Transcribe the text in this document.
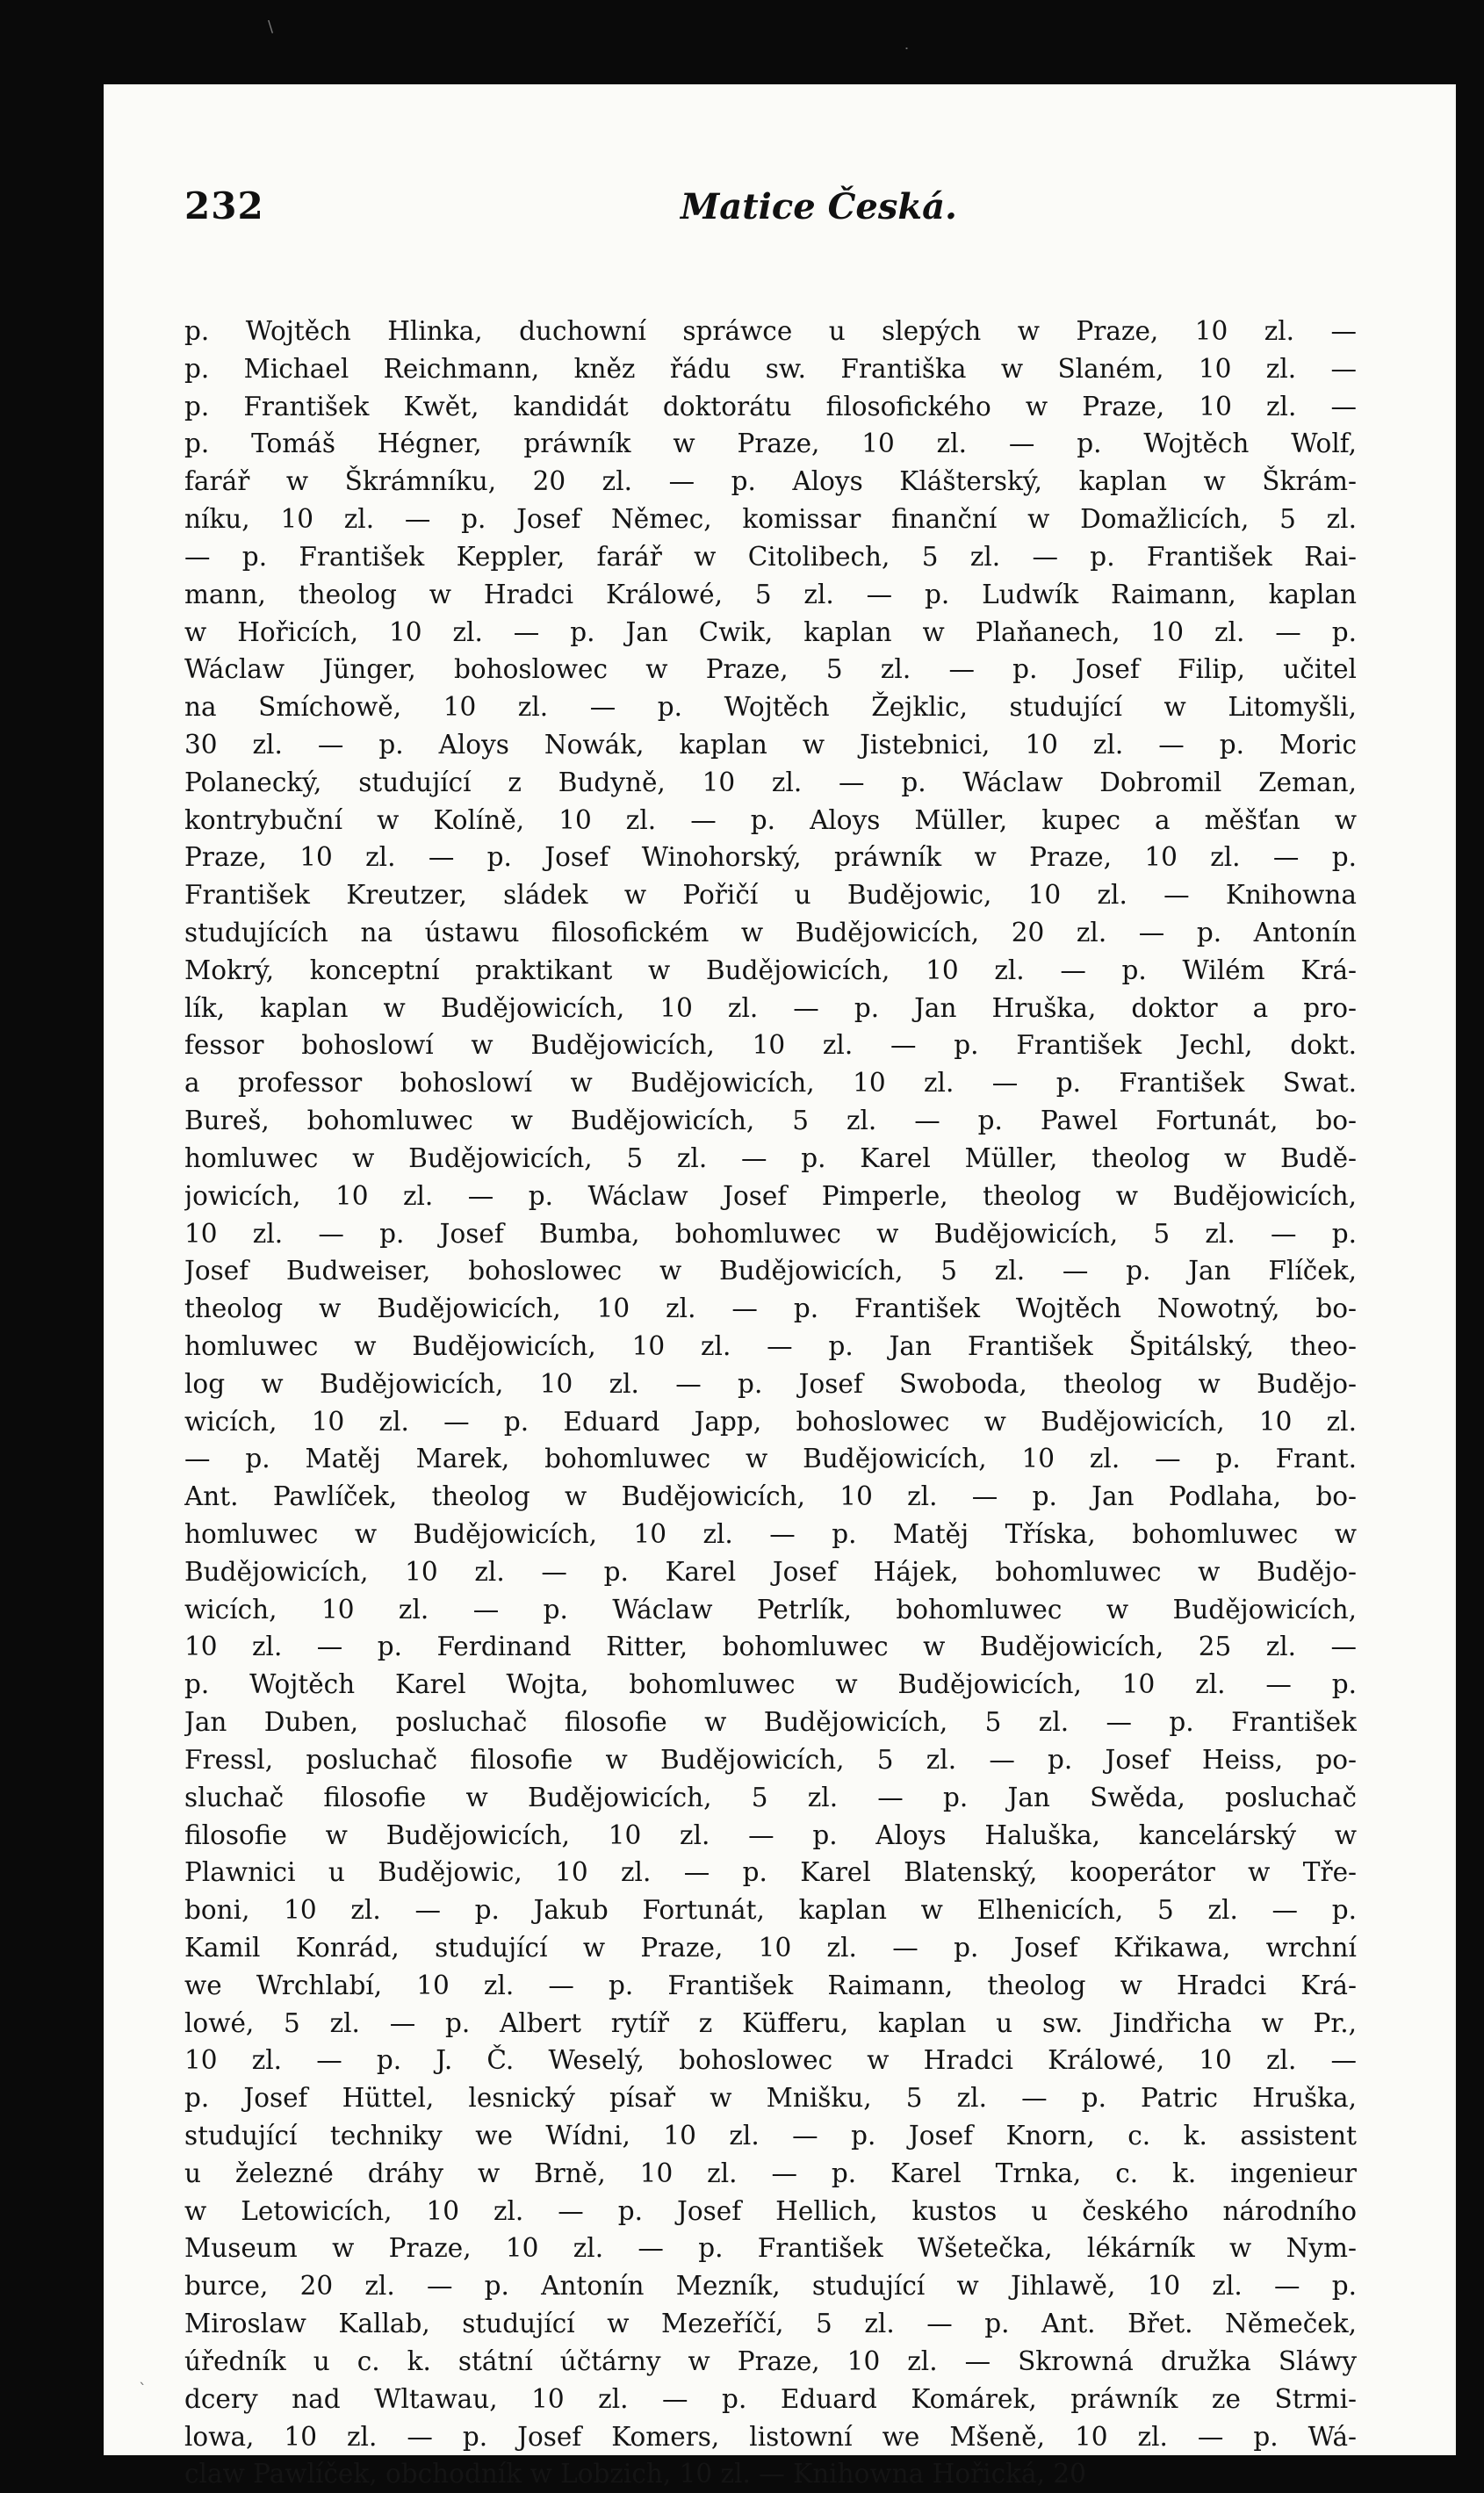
232	Matice Česká.
p. Wojtěch Hlinka, duchowní spráwce u slepých w Praze, 10 zl. —
p. Michael Reichmann, kněz řádu sw. Františka w Slaném, 10 zl. —
p. František Kwět, kandidát doktorátu filosofického w Praze, 10 zl. —
p. Tomáš Hégner, práwník w Praze, 10 zl. — p. Wojtěch Wolf,
farář w Škrámníku, 20 zl. — p. Aloys Klášterský, kaplan w Škrám-
níku, 10 zl. — p. Josef Němec, komissar finanční w Domažlicích, 5 zl.
— p. František Keppler, farář w Citolibech, 5 zl. — p. František Rai-
mann, theolog w Hradci Králowé, 5 zl. — p. Ludwík Raimann, kaplan
w Hořicích, 10 zl. — p. Jan Cwik, kaplan w Plaňanech, 10 zl. — p.
Wáclaw Jünger, bohoslowec w Praze, 5 zl. — p. Josef Filip, učitel
na Smíchowě, 10 zl. — p. Wojtěch Žejklic, studující w Litomyšli,
30 zl. — p. Aloys Nowák, kaplan w Jistebnici, 10 zl. — p. Moric
Polanecký, studující z Budyně, 10 zl. — p. Wáclaw Dobromil Zeman,
kontrybuční w Kolíně, 10 zl. — p. Aloys Müller, kupec a měšťan w
Praze, 10 zl. — p. Josef Winohorský, práwník w Praze, 10 zl. — p.
František Kreutzer, sládek w Pořičí u Budějowic, 10 zl. — Knihowna
studujících na ústawu filosofickém w Budějowicích, 20 zl. — p. Antonín
Mokrý, konceptní praktikant w Budějowicích, 10 zl. — p. Wilém Krá-
lík, kaplan w Budějowicích, 10 zl. — p. Jan Hruška, doktor a pro-
fessor bohoslowí w Budějowicích, 10 zl. — p. František Jechl, dokt.
a professor bohoslowí w Budějowicích, 10 zl. — p. František Swat.
Bureš, bohomluwec w Budějowicích, 5 zl. — p. Pawel Fortunát, bo-
homluwec w Budějowicích, 5 zl. — p. Karel Müller, theolog w Budě-
jowicích, 10 zl. — p. Wáclaw Josef Pimperle, theolog w Budějowicích,
10 zl. — p. Josef Bumba, bohomluwec w Budějowicích, 5 zl. — p.
Josef Budweiser, bohoslowec w Budějowicích, 5 zl. — p. Jan Flíček,
theolog w Budějowicích, 10 zl. — p. František Wojtěch Nowotný, bo-
homluwec w Budějowicích, 10 zl. — p. Jan František Špitálský, theo-
log w Budějowicích, 10 zl. — p. Josef Swoboda, theolog w Budějo-
wicích, 10 zl. — p. Eduard Japp, bohoslowec w Budějowicích, 10 zl.
— p. Matěj Marek, bohomluwec w Budějowicích, 10 zl. — p. Frant.
Ant. Pawlíček, theolog w Budějowicích, 10 zl. — p. Jan Podlaha, bo-
homluwec w Budějowicích, 10 zl. — p. Matěj Tříska, bohomluwec w
Budějowicích, 10 zl. — p. Karel Josef Hájek, bohomluwec w Budějo-
wicích, 10 zl. — p. Wáclaw Petrlík, bohomluwec w Budějowicích,
10 zl. — p. Ferdinand Ritter, bohomluwec w Budějowicích, 25 zl. —
p. Wojtěch Karel Wojta, bohomluwec w Budějowicích, 10 zl. — p.
Jan Duben, posluchač filosofie w Budějowicích, 5 zl. — p. František
Fressl, posluchač filosofie w Budějowicích, 5 zl. — p. Josef Heiss, po-
sluchač filosofie w Budějowicích, 5 zl. — p. Jan Swěda, posluchač
filosofie w Budějowicích, 10 zl. — p. Aloys Haluška, kancelárský w
Plawnici u Budějowic, 10 zl. — p. Karel Blatenský, kooperátor w Tře-
boni, 10 zl. — p. Jakub Fortunát, kaplan w Elhenicích, 5 zl. — p.
Kamil Konrád, studující w Praze, 10 zl. — p. Josef Křikawa, wrchní
we Wrchlabí, 10 zl. — p. František Raimann, theolog w Hradci Krá-
lowé, 5 zl. — p. Albert rytíř z Küfferu, kaplan u sw. Jindřicha w Pr.,
10 zl. — p. J. Č. Weselý, bohoslowec w Hradci Králowé, 10 zl. —
p. Josef Hüttel, lesnický písař w Mnišku, 5 zl. — p. Patric Hruška,
studující techniky we Wídni, 10 zl. — p. Josef Knorn, c. k. assistent
u železné dráhy w Brně, 10 zl. — p. Karel Trnka, c. k. ingenieur
w Letowicích, 10 zl. — p. Josef Hellich, kustos u českého národního
Museum w Praze, 10 zl. — p. František Wšetečka, lékárník w Nym-
burce, 20 zl. — p. Antonín Mezník, studující w Jihlawě, 10 zl. — p.
Miroslaw Kallab, studující w Mezeříčí, 5 zl. — p. Ant. Břet. Němeček,
úředník u c. k. státní účtárny w Praze, 10 zl. — Skrowná družka Sláwy
dcery nad Wltawau, 10 zl. — p. Eduard Komárek, práwník ze Strmi-
lowa, 10 zl. — p. Josef Komers, listowní we Mšeně, 10 zl. — p. Wá-
claw Pawlíček, obchodník w Lobzich, 10 zl. — Knihowna Hořická, 20
\
˙
`
